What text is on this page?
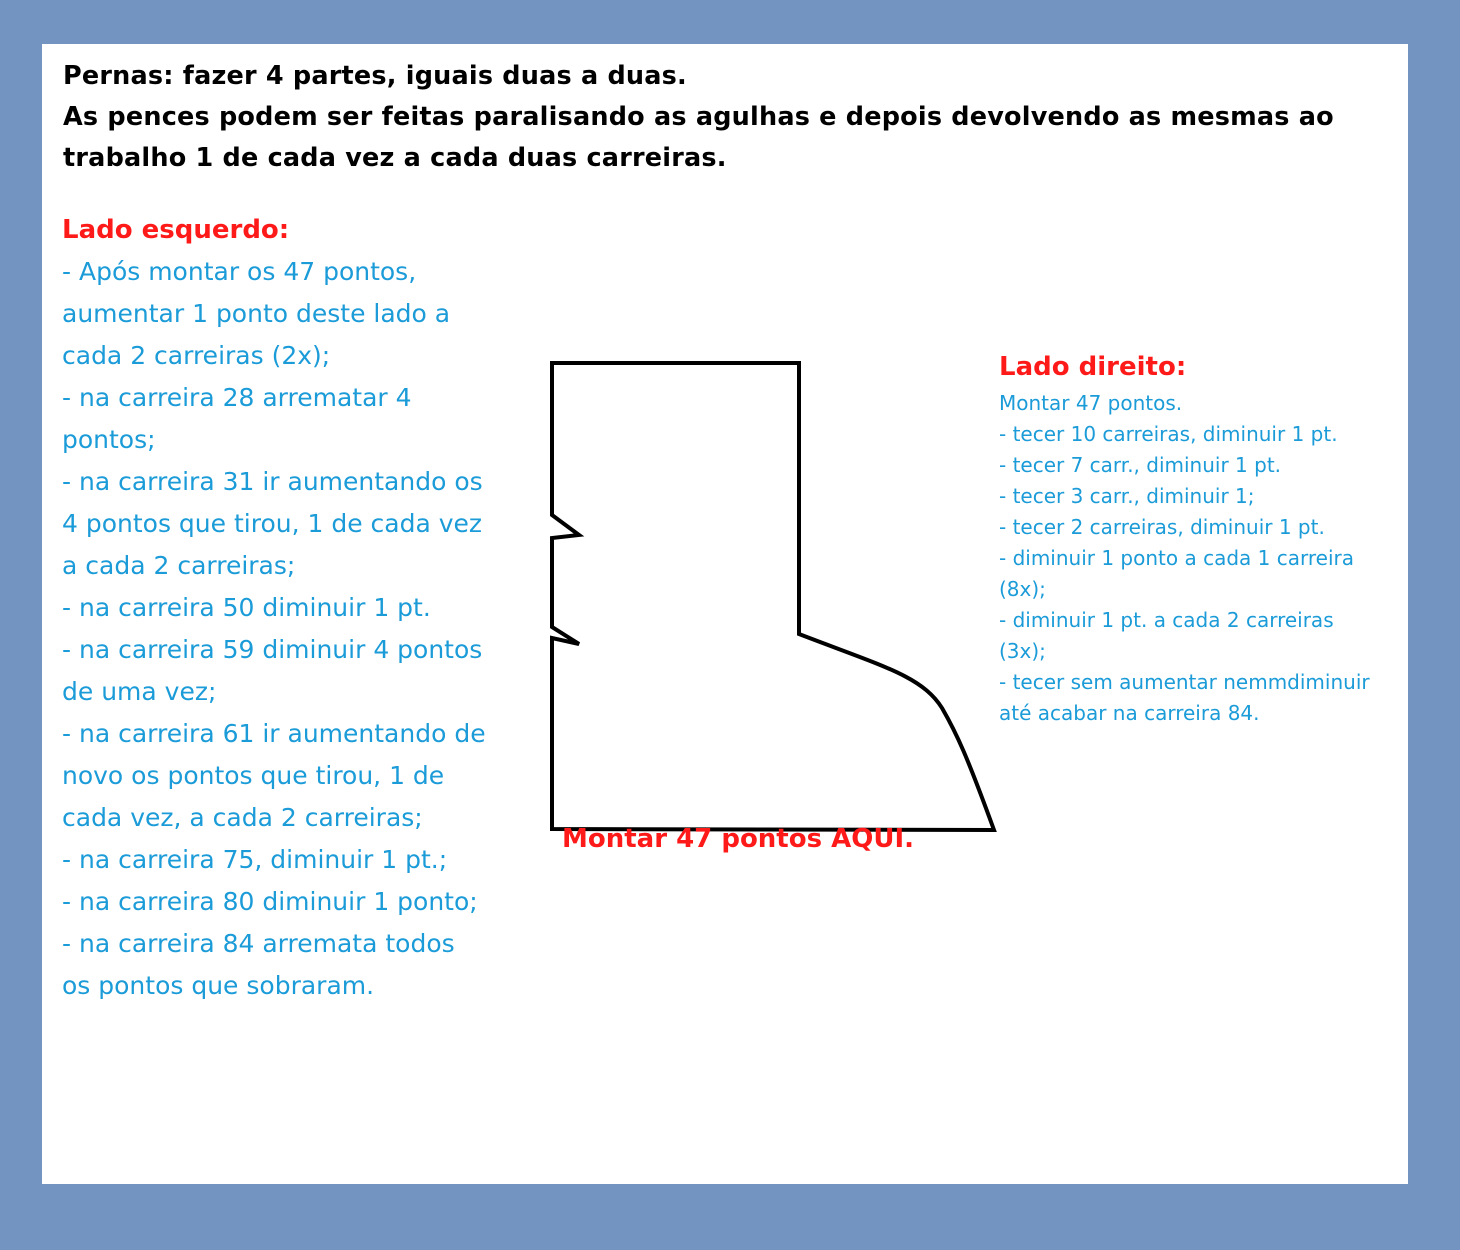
Pernas: fazer 4 partes, iguais duas a duas.
As pences podem ser feitas paralisando as agulhas e depois devolvendo as mesmas ao
trabalho 1 de cada vez a cada duas carreiras.
Lado esquerdo:
- Após montar os 47 pontos,
aumentar 1 ponto deste lado a
cada 2 carreiras (2x);
- na carreira 28 arrematar 4
pontos;
- na carreira 31 ir aumentando os
4 pontos que tirou, 1 de cada vez
a cada 2 carreiras;
- na carreira 50 diminuir 1 pt.
- na carreira 59 diminuir 4 pontos
de uma vez;
- na carreira 61 ir aumentando de
novo os pontos que tirou, 1 de
cada vez, a cada 2 carreiras;
- na carreira 75, diminuir 1 pt.;
- na carreira 80 diminuir 1 ponto;
- na carreira 84 arremata todos
os pontos que sobraram.
Montar 47 pontos AQUI.
Lado direito:
Montar 47 pontos.
- tecer 10 carreiras, diminuir 1 pt.
- tecer 7 carr., diminuir 1 pt.
- tecer 3 carr., diminuir 1;
- tecer 2 carreiras, diminuir 1 pt.
- diminuir 1 ponto a cada 1 carreira
(8x);
- diminuir 1 pt. a cada 2 carreiras
(3x);
- tecer sem aumentar nemmdiminuir
até acabar na carreira 84.
